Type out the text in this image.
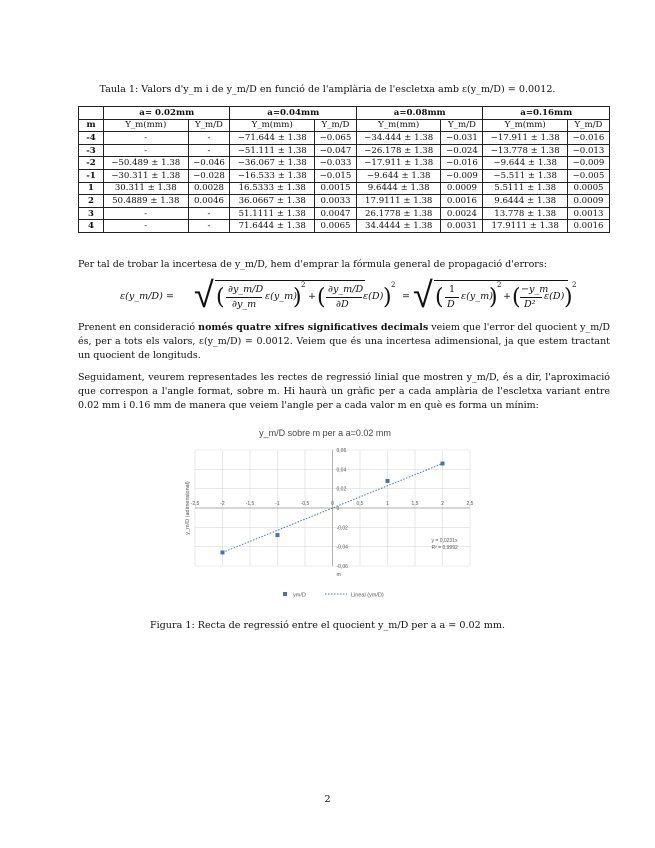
Taula 1: Valors d'y_m i de y_m/D en funció de l'amplària de l'escletxa amb ε(y_m/D) = 0.0012.
	a= 0.02mm		a=0.04mm		a=0.08mm		a=0.16mm	
m	Y_m(mm)	Y_m/D	Y_m(mm)	Y_m/D	Y_m(mm)	Y_m/D	Y_m(mm)	Y_m/D
-4	-	-	−71.644 ± 1.38	−0.065	−34.444 ± 1.38	−0.031	−17.911 ± 1.38	−0.016
-3	-	-	−51.111 ± 1.38	−0.047	−26.178 ± 1.38	−0.024	−13.778 ± 1.38	−0.013
-2	−50.489 ± 1.38	−0.046	−36.067 ± 1.38	−0.033	−17.911 ± 1.38	−0.016	−9.644 ± 1.38	−0.009
-1	−30.311 ± 1.38	−0.028	−16.533 ± 1.38	−0.015	−9.644 ± 1.38	−0.009	−5.511 ± 1.38	−0.005
1	30.311 ± 1.38	0.0028	16.5333 ± 1.38	0.0015	9.6444 ± 1.38	0.0009	5.5111 ± 1.38	0.0005
2	50.4889 ± 1.38	0.0046	36.0667 ± 1.38	0.0033	17.9111 ± 1.38	0.0016	9.6444 ± 1.38	0.0009
3	-	-	51.1111 ± 1.38	0.0047	26.1778 ± 1.38	0.0024	13.778 ± 1.38	0.0013
4	-	-	71.6444 ± 1.38	0.0065	34.4444 ± 1.38	0.0031	17.9111 ± 1.38	0.0016
Per tal de trobar la incertesa de y_m/D, hem d'emprar la fórmula general de propagació d'errors:
ε(y_m/D) = √ ( ∂y_m/D
∂y_m
ε(y_m)
) 2
+ ( ∂y_m/D
∂D
ε(D) ) 2
= √ ( 1
D
ε(y_m)
) 2
+ ( −y_m
D²
ε(D) ) 2
Prenent en consideració només quatre xifres significatives decimals veiem que l'error del quocient y_m/D és, per a tots els valors, ε(y_m/D) = 0.0012. Veiem que és una incertesa adimensional, ja que estem tractant un quocient de longituds.
Seguidament, veurem representades les rectes de regressió linial que mostren y_m/D, és a dir, l'aproximació que correspon a l'angle format, sobre m. Hi haurà un gràfic per a cada amplària de l'escletxa variant entre 0.02 mm i 0.16 mm de manera que veiem l'angle per a cada valor m en què es forma un mínim:
y_m/D sobre m per a a=0.02 mm
0,06
0,04
0,02
0
-0,02
-0,04
-0,06
-2,5	-2	-1,5	-1	-0,5	0	0,5	1	1,5	2	2,5
m
y_m/D (adimensional)
y = 0,0231x
R² = 0,9992
ym/D	Lineal (ym/D)
Figura 1: Recta de regressió entre el quocient y_m/D per a a = 0.02 mm.
2
